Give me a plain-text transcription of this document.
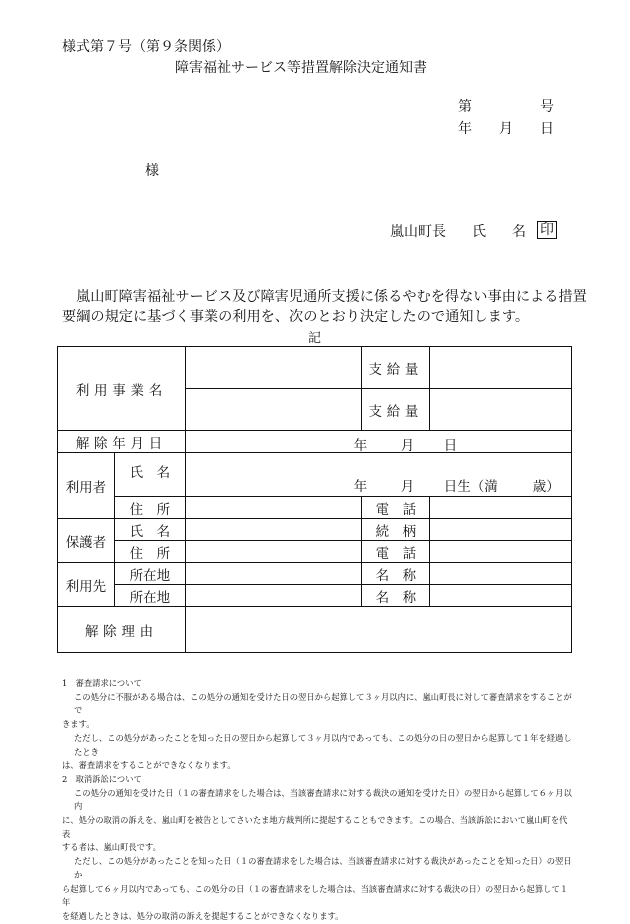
様式第７号（第９条関係）
障害福祉サービス等措置解除決定通知書
第	号
年 月 日
様
嵐山町長 氏 名 印
嵐山町障害福祉サービス及び障害児通所支援に係るやむを得ない事由による措置
要綱の規定に基づく事業の利用を、次のとおり決定したので通知します。
記
利用事業名			支給量	
			支給量	
解除年月日		年 月 日		

利用者	氏　名	年 月 日生（満 歳）		

	住　所		電　話	
保護者	氏　名		続　柄	
	住　所		電　話	
利用先	所在地		名　称	
	所在地		名　称	
解除理由				

1　審査請求について

この処分に不服がある場合は、この処分の通知を受けた日の翌日から起算して３ヶ月以内に、嵐山町長に対して審査請求をすることがで

きます。

ただし、この処分があったことを知った日の翌日から起算して３ヶ月以内であっても、この処分の日の翌日から起算して１年を経過したとき

は、審査請求をすることができなくなります。

2　取消訴訟について

この処分の通知を受けた日（１の審査請求をした場合は、当該審査請求に対する裁決の通知を受けた日）の翌日から起算して６ヶ月以内

に、処分の取消の訴えを、嵐山町を被告としてさいたま地方裁判所に提起することもできます。この場合、当該訴訟において嵐山町を代表

する者は、嵐山町長です。

ただし、この処分があったことを知った日（１の審査請求をした場合は、当該審査請求に対する裁決があったことを知った日）の翌日か

ら起算して６ヶ月以内であっても、この処分の日（１の審査請求をした場合は、当該審査請求に対する裁決の日）の翌日から起算して１年

を経過したときは、処分の取消の訴えを提起することができなくなります。
